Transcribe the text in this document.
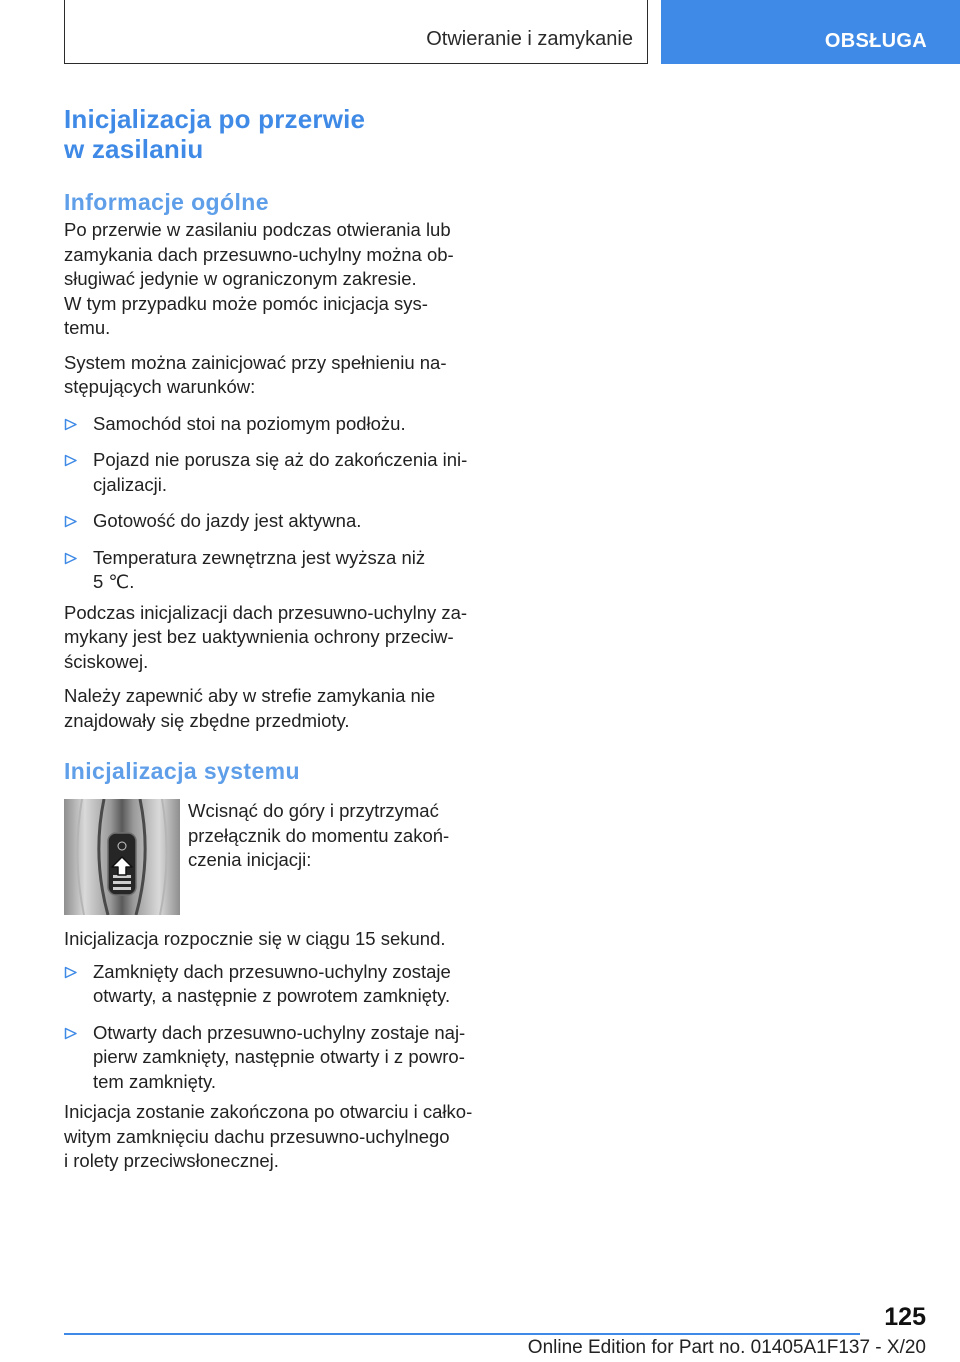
Otwieranie i zamykanie	OBSŁUGA
Inicjalizacja po przerwie
w zasilaniu
Informacje ogólne

Po przerwie w zasilaniu podczas otwierania lub
zamykania dach przesuwno-uchylny można ob-
sługiwać jedynie w ograniczonym zakresie.
W tym przypadku może pomóc inicjacja sys-
temu.

System można zainicjować przy spełnieniu na-
stępujących warunków:

Samochód stoi na poziomym podłożu.
Pojazd nie porusza się aż do zakończenia ini-
cjalizacji.
Gotowość do jazdy jest aktywna.
Temperatura zewnętrzna jest wyższa niż
5 ℃.

Podczas inicjalizacji dach przesuwno-uchylny za-
mykany jest bez uaktywnienia ochrony przeciw-
ściskowej.

Należy zapewnić aby w strefie zamykania nie
znajdowały się zbędne przedmioty.

Inicjalizacja systemu

Wcisnąć do góry i przytrzymać
przełącznik do momentu zakoń-
czenia inicjacji:

Inicjalizacja rozpocznie się w ciągu 15 sekund.

Zamknięty dach przesuwno-uchylny zostaje
otwarty, a następnie z powrotem zamknięty.
Otwarty dach przesuwno-uchylny zostaje naj-
pierw zamknięty, następnie otwarty i z powro-
tem zamknięty.

Inicjacja zostanie zakończona po otwarciu i całko-
witym zamknięciu dachu przesuwno-uchylnego
i rolety przeciwsłonecznej.

125
Online Edition for Part no. 01405A1F137 - X/20
